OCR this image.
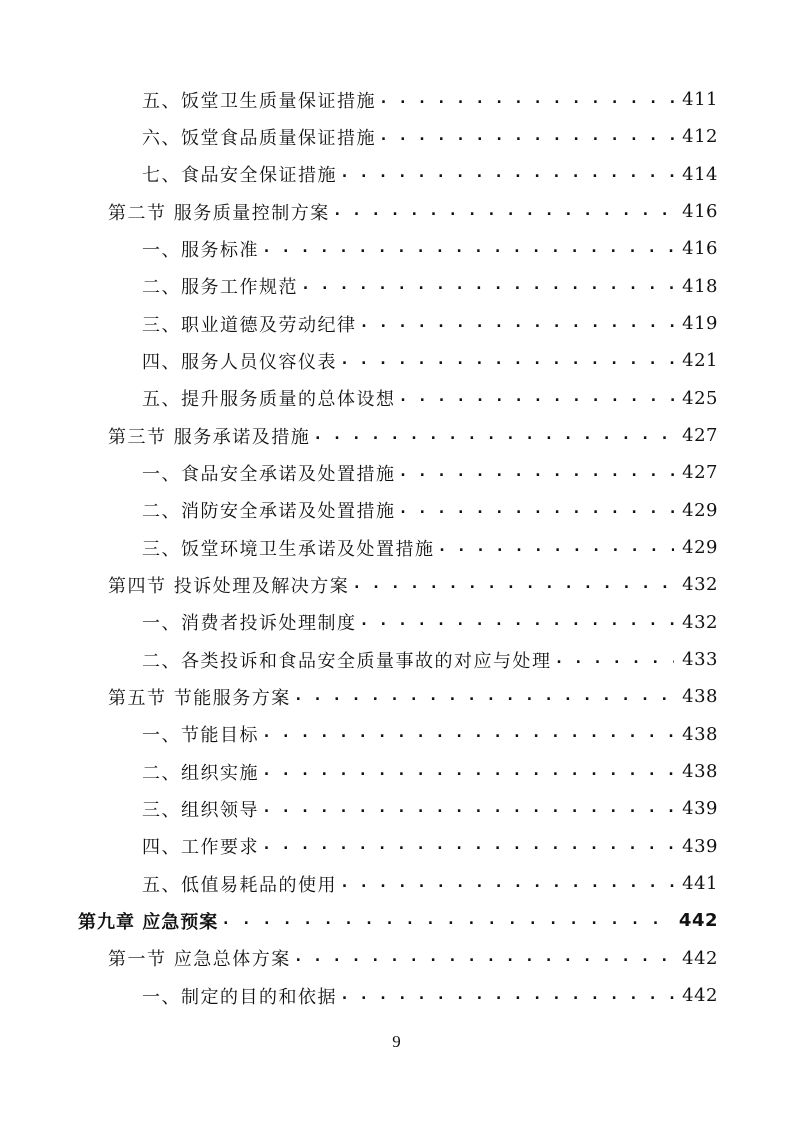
五、饭堂卫生质量保证措施 . . .	411
六、饭堂食品质量保证措施 . . .	412
七、食品安全保证措施 . . .	414
第二节 服务质量控制方案 . . .	416
一、服务标准 . . .	416
二、服务工作规范 . . .	418
三、职业道德及劳动纪律 . . .	419
四、服务人员仪容仪表 . . .	421
五、提升服务质量的总体设想 . . .	425
第三节 服务承诺及措施 . . .	427
一、食品安全承诺及处置措施 . . .	427
二、消防安全承诺及处置措施 . . .	429
三、饭堂环境卫生承诺及处置措施 . . .	429
第四节 投诉处理及解决方案 . . .	432
一、消费者投诉处理制度 . . .	432
二、各类投诉和食品安全质量事故的对应与处理 . . .	433
第五节 节能服务方案 . . .	438
一、节能目标 . . .	438
二、组织实施 . . .	438
三、组织领导 . . .	439
四、工作要求 . . .	439
五、低值易耗品的使用 . . .	441
第九章 应急预案 . . .	442
第一节 应急总体方案 . . .	442
一、制定的目的和依据 . . .	442
9
